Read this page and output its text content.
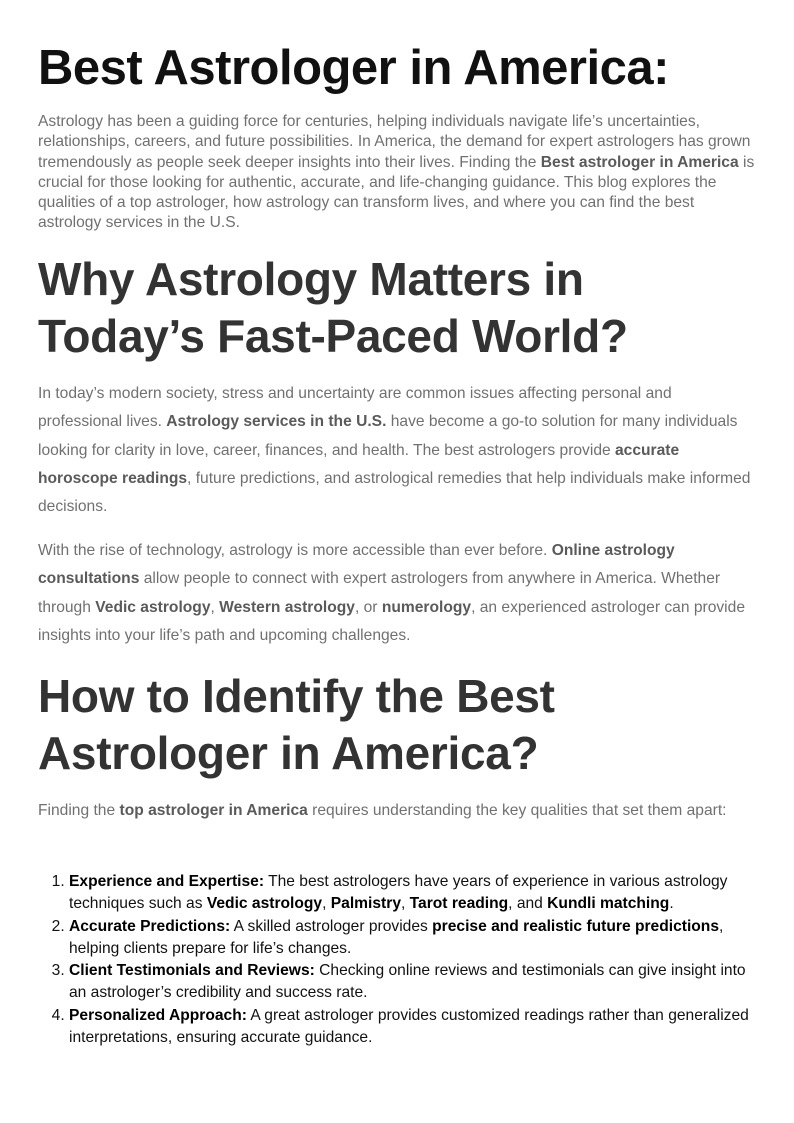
Best Astrologer in America:

Astrology has been a guiding force for centuries, helping individuals navigate life’s uncertainties, relationships, careers, and future possibilities. In America, the demand for expert astrologers has grown tremendously as people seek deeper insights into their lives. Finding the Best astrologer in America is crucial for those looking for authentic, accurate, and life-changing guidance. This blog explores the qualities of a top astrologer, how astrology can transform lives, and where you can find the best astrology services in the U.S.

Why Astrology Matters in Today’s Fast-Paced World?

In today’s modern society, stress and uncertainty are common issues affecting personal and professional lives. Astrology services in the U.S. have become a go-to solution for many individuals looking for clarity in love, career, finances, and health. The best astrologers provide accurate horoscope readings, future predictions, and astrological remedies that help individuals make informed decisions.

With the rise of technology, astrology is more accessible than ever before. Online astrology consultations allow people to connect with expert astrologers from anywhere in America. Whether through Vedic astrology, Western astrology, or numerology, an experienced astrologer can provide insights into your life’s path and upcoming challenges.

How to Identify the Best Astrologer in America?

Finding the top astrologer in America requires understanding the key qualities that set them apart:

1. Experience and Expertise: The best astrologers have years of experience in various astrology techniques such as Vedic astrology, Palmistry, Tarot reading, and Kundli matching.
2. Accurate Predictions: A skilled astrologer provides precise and realistic future predictions, helping clients prepare for life’s changes.
3. Client Testimonials and Reviews: Checking online reviews and testimonials can give insight into an astrologer’s credibility and success rate.
4. Personalized Approach: A great astrologer provides customized readings rather than generalized interpretations, ensuring accurate guidance.
